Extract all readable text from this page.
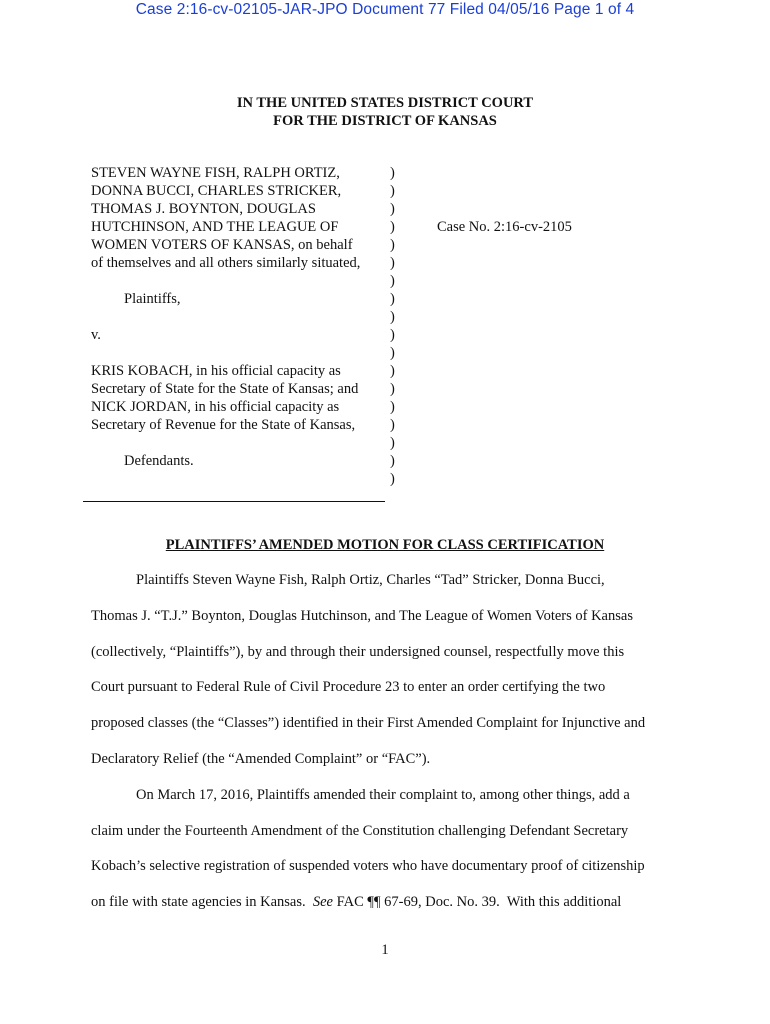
Case 2:16-cv-02105-JAR-JPO Document 77 Filed 04/05/16 Page 1 of 4
IN THE UNITED STATES DISTRICT COURT
FOR THE DISTRICT OF KANSAS
STEVEN WAYNE FISH, RALPH ORTIZ,
DONNA BUCCI, CHARLES STRICKER,
THOMAS J. BOYNTON, DOUGLAS
HUTCHINSON, AND THE LEAGUE OF
WOMEN VOTERS OF KANSAS, on behalf
of themselves and all others similarly situated,
Plaintiffs,
v.
KRIS KOBACH, in his official capacity as
Secretary of State for the State of Kansas; and
NICK JORDAN, in his official capacity as
Secretary of Revenue for the State of Kansas,
Defendants.
)
)
)
)
)
)
)
)
)
)
)
)
)
)
)
)
)
)
Case No. 2:16-cv-2105
PLAINTIFFS’ AMENDED MOTION FOR CLASS CERTIFICATION
Plaintiffs Steven Wayne Fish, Ralph Ortiz, Charles “Tad” Stricker, Donna Bucci,
Thomas J. “T.J.” Boynton, Douglas Hutchinson, and The League of Women Voters of Kansas
(collectively, “Plaintiffs”), by and through their undersigned counsel, respectfully move this
Court pursuant to Federal Rule of Civil Procedure 23 to enter an order certifying the two
proposed classes (the “Classes”) identified in their First Amended Complaint for Injunctive and
Declaratory Relief (the “Amended Complaint” or “FAC”).
On March 17, 2016, Plaintiffs amended their complaint to, among other things, add a
claim under the Fourteenth Amendment of the Constitution challenging Defendant Secretary
Kobach’s selective registration of suspended voters who have documentary proof of citizenship
on file with state agencies in Kansas.  See FAC ¶¶ 67-69, Doc. No. 39.  With this additional
1
